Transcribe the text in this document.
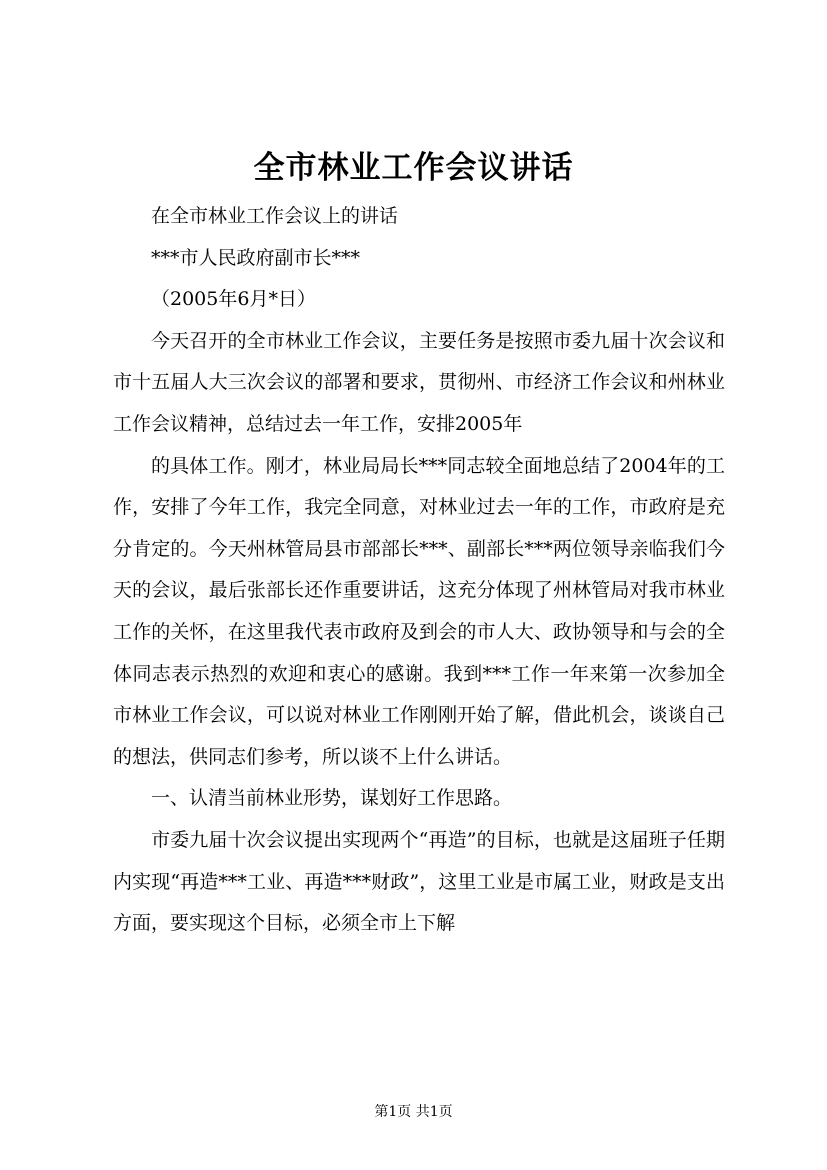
全市林业工作会议讲话

在全市林业工作会议上的讲话

***市人民政府副市长***

（2005年6月*日）

今天召开的全市林业工作会议，主要任务是按照市委九届十次会议和市十五届人大三次会议的部署和要求，贯彻州、市经济工作会议和州林业工作会议精神，总结过去一年工作，安排2005年

的具体工作。刚才，林业局局长***同志较全面地总结了2004年的工作，安排了今年工作，我完全同意，对林业过去一年的工作，市政府是充分肯定的。今天州林管局县市部部长***、副部长***两位领导亲临我们今天的会议，最后张部长还作重要讲话，这充分体现了州林管局对我市林业工作的关怀，在这里我代表市政府及到会的市人大、政协领导和与会的全体同志表示热烈的欢迎和衷心的感谢。我到***工作一年来第一次参加全市林业工作会议，可以说对林业工作刚刚开始了解，借此机会，谈谈自己的想法，供同志们参考，所以谈不上什么讲话。

一、认清当前林业形势，谋划好工作思路。

市委九届十次会议提出实现两个“再造”的目标，也就是这届班子任期内实现“再造***工业、再造***财政”，这里工业是市属工业，财政是支出方面，要实现这个目标，必须全市上下解

第1页 共1页
